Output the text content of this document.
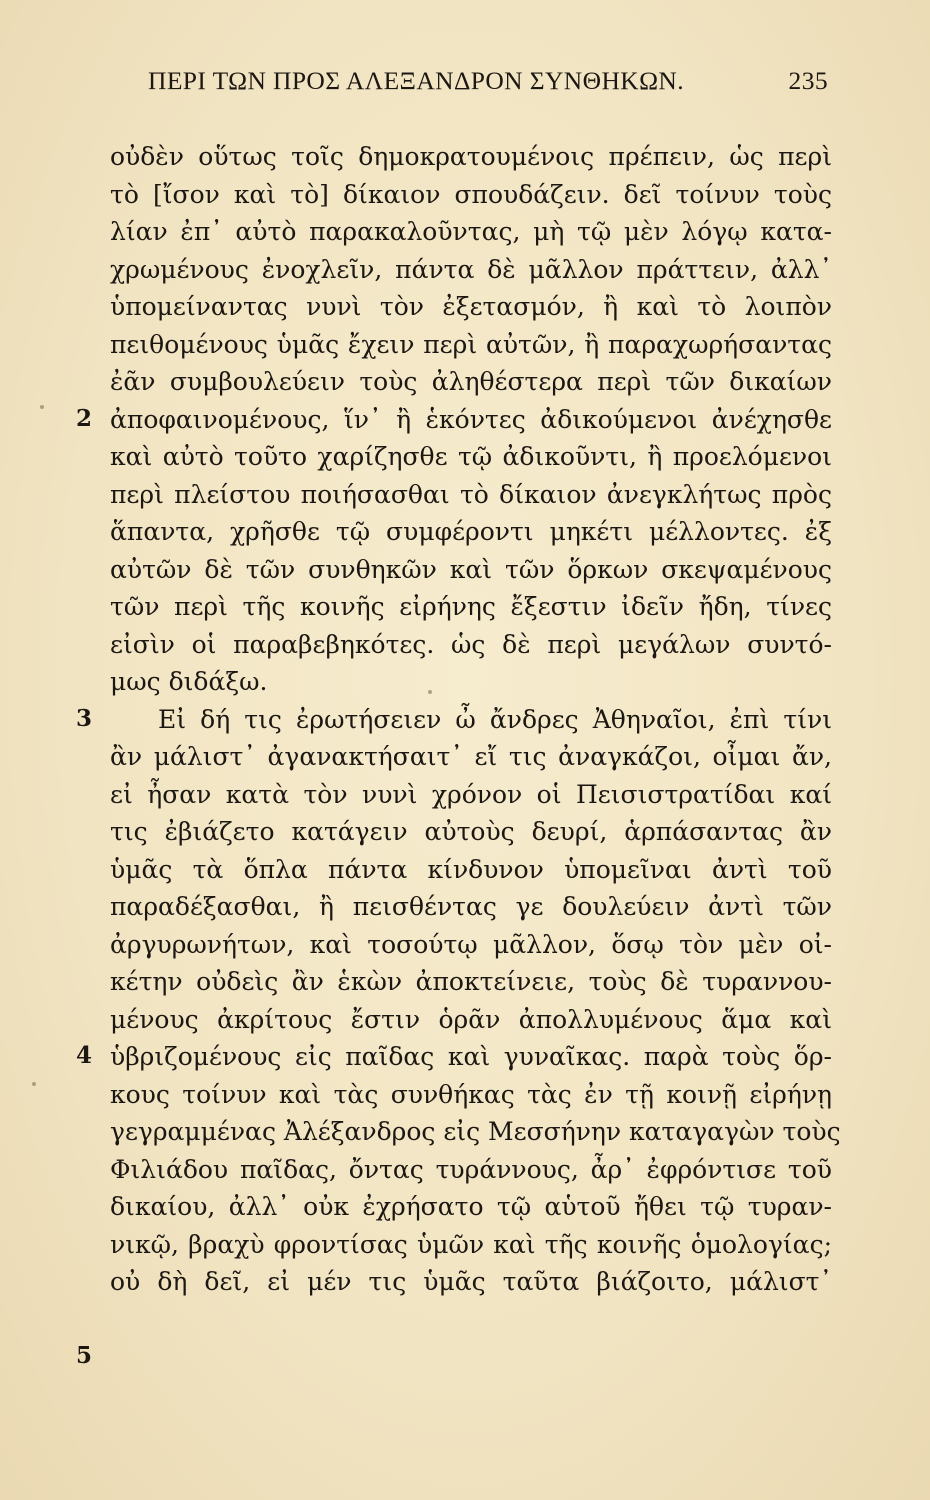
ΠΕΡΙ ΤΩΝ ΠΡΟΣ ΑΛΕΞΑΝΔΡΟΝ ΣΥΝΘΗΚΩΝ.	235
2
3
4
5
οὐδὲν οὕτως τοῖς δημοκρατουμένοις πρέπειν, ὡς περὶ
τὸ [ἴσον καὶ τὸ] δίκαιον σπουδάζειν. δεῖ τοίνυν τοὺς
λίαν ἐπ᾽ αὐτὸ παρακαλοῦντας, μὴ τῷ μὲν λόγῳ κατα-
χρωμένους ἐνοχλεῖν, πάντα δὲ μᾶλλον πράττειν, ἀλλ᾽
ὑπομείναντας νυνὶ τὸν ἐξετασμόν, ἢ καὶ τὸ λοιπὸν
πειθομένους ὑμᾶς ἔχειν περὶ αὐτῶν, ἢ παραχωρήσαντας
ἐᾶν συμβουλεύειν τοὺς ἀληθέστερα περὶ τῶν δικαίων
ἀποφαινομένους, ἵν᾽ ἢ ἑκόντες ἀδικούμενοι ἀνέχησθε
καὶ αὐτὸ τοῦτο χαρίζησθε τῷ ἀδικοῦντι, ἢ προελόμενοι
περὶ πλείστου ποιήσασθαι τὸ δίκαιον ἀνεγκλήτως πρὸς
ἅπαντα, χρῆσθε τῷ συμφέροντι μηκέτι μέλλοντες. ἐξ
αὐτῶν δὲ τῶν συνθηκῶν καὶ τῶν ὅρκων σκεψαμένους
τῶν περὶ τῆς κοινῆς εἰρήνης ἔξεστιν ἰδεῖν ἤδη, τίνες
εἰσὶν οἱ παραβεβηκότες. ὡς δὲ περὶ μεγάλων συντό-
μως διδάξω.
Εἰ δή τις ἐρωτήσειεν ὦ ἄνδρες Ἀθηναῖοι, ἐπὶ τίνι
ἂν μάλιστ᾽ ἀγανακτήσαιτ᾽ εἴ τις ἀναγκάζοι, οἶμαι ἄν,
εἰ ἦσαν κατὰ τὸν νυνὶ χρόνον οἱ Πεισιστρατίδαι καί
τις ἐβιάζετο κατάγειν αὐτοὺς δευρί, ἁρπάσαντας ἂν
ὑμᾶς τὰ ὅπλα πάντα κίνδυνον ὑπομεῖναι ἀντὶ τοῦ
παραδέξασθαι, ἢ πεισθέντας γε δουλεύειν ἀντὶ τῶν
ἀργυρωνήτων, καὶ τοσούτῳ μᾶλλον, ὅσῳ τὸν μὲν οἰ-
κέτην οὐδεὶς ἂν ἑκὼν ἀποκτείνειε, τοὺς δὲ τυραννου-
μένους ἀκρίτους ἔστιν ὁρᾶν ἀπολλυμένους ἅμα καὶ
ὑβριζομένους εἰς παῖδας καὶ γυναῖκας. παρὰ τοὺς ὅρ-
κους τοίνυν καὶ τὰς συνθήκας τὰς ἐν τῇ κοινῇ εἰρήνῃ
γεγραμμένας Ἀλέξανδρος εἰς Μεσσήνην καταγαγὼν τοὺς
Φιλιάδου παῖδας, ὄντας τυράννους, ἆρ᾽ ἐφρόντισε τοῦ
δικαίου, ἀλλ᾽ οὐκ ἐχρήσατο τῷ αὑτοῦ ἤθει τῷ τυραν-
νικῷ, βραχὺ φροντίσας ὑμῶν καὶ τῆς κοινῆς ὁμολογίας;
οὐ δὴ δεῖ, εἰ μέν τις ὑμᾶς ταῦτα βιάζοιτο, μάλιστ᾽
